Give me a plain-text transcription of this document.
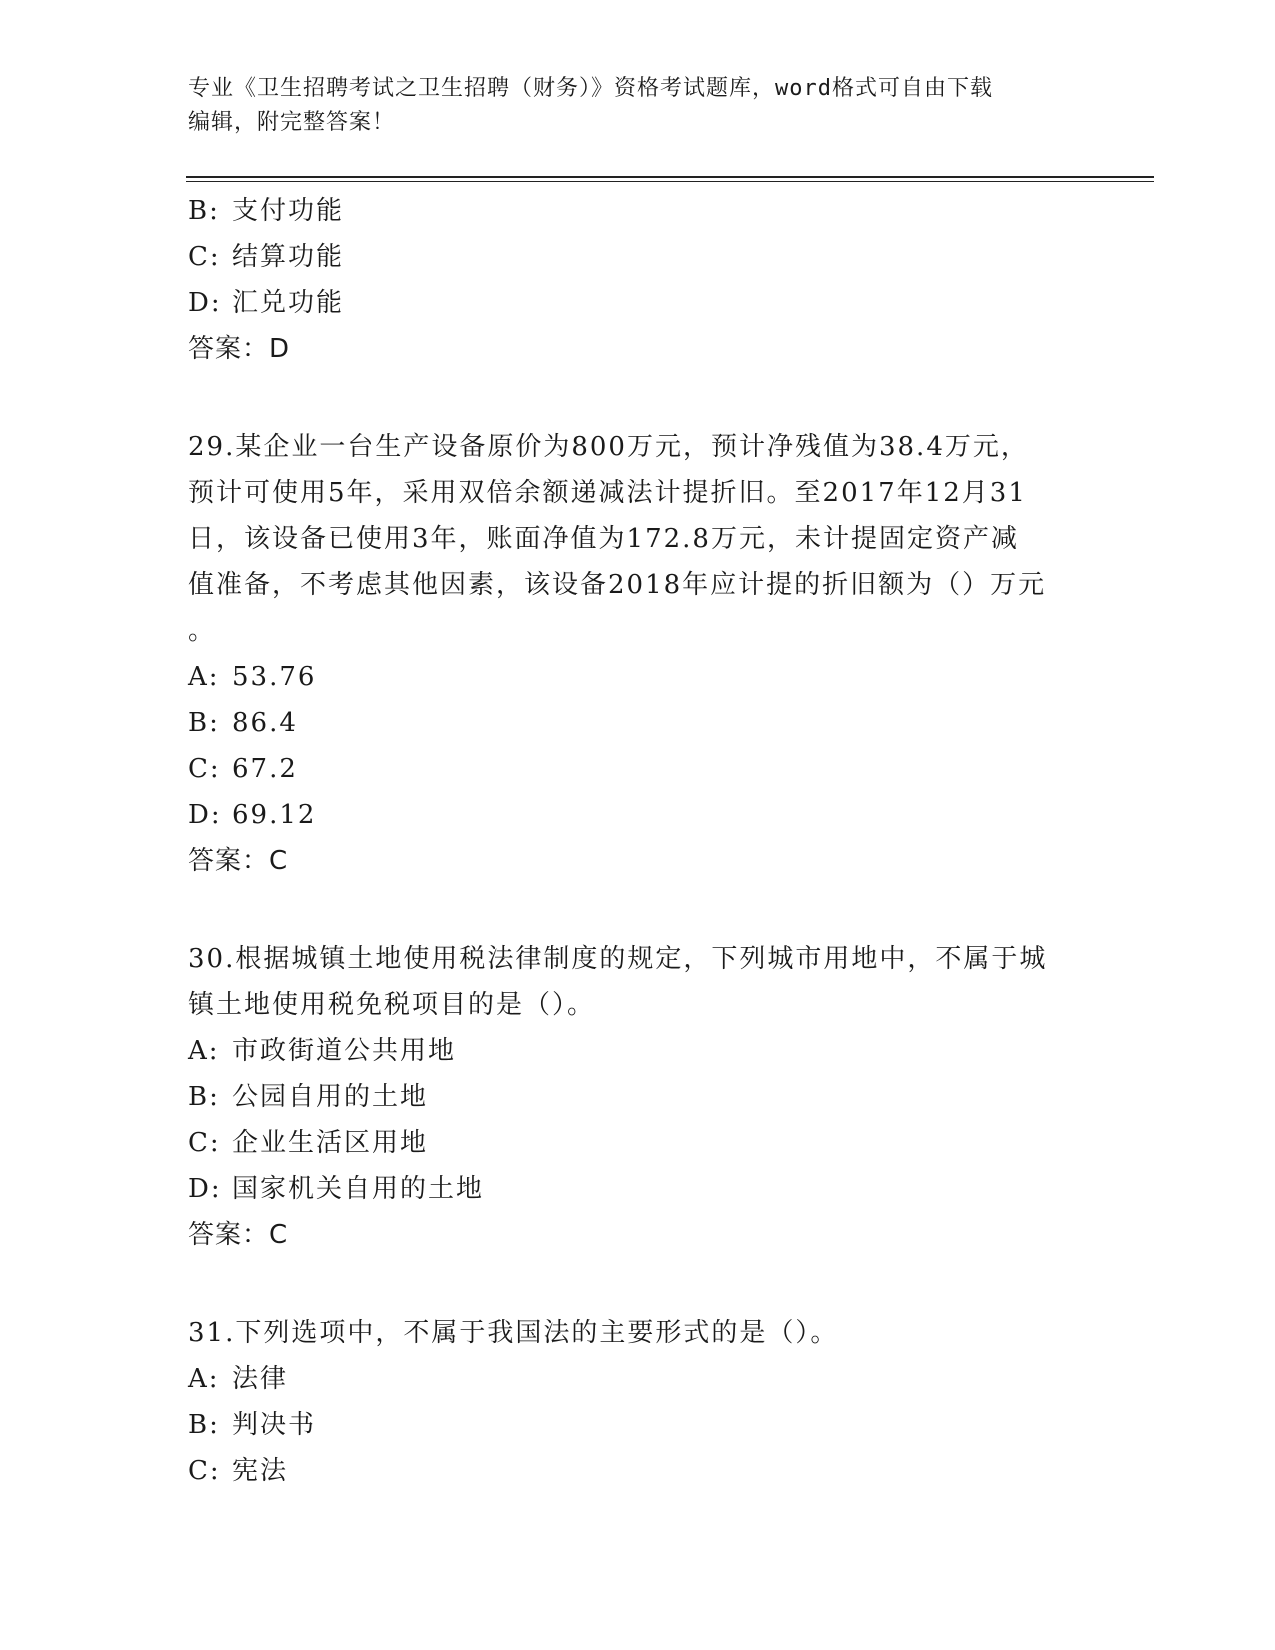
专业《卫生招聘考试之卫生招聘（财务）》资格考试题库，word格式可自由下载
编辑，附完整答案！
B: 支付功能
C: 结算功能
D: 汇兑功能
答案：D
29.某企业一台生产设备原价为800万元，预计净残值为38.4万元，
预计可使用5年，采用双倍余额递减法计提折旧。至2017年12月31
日，该设备已使用3年，账面净值为172.8万元，未计提固定资产减
值准备，不考虑其他因素，该设备2018年应计提的折旧额为（）万元
。
A: 53.76
B: 86.4
C: 67.2
D: 69.12
答案：C
30.根据城镇土地使用税法律制度的规定，下列城市用地中，不属于城
镇土地使用税免税项目的是（）。
A: 市政街道公共用地
B: 公园自用的土地
C: 企业生活区用地
D: 国家机关自用的土地
答案：C
31.下列选项中，不属于我国法的主要形式的是（）。
A: 法律
B: 判决书
C: 宪法
